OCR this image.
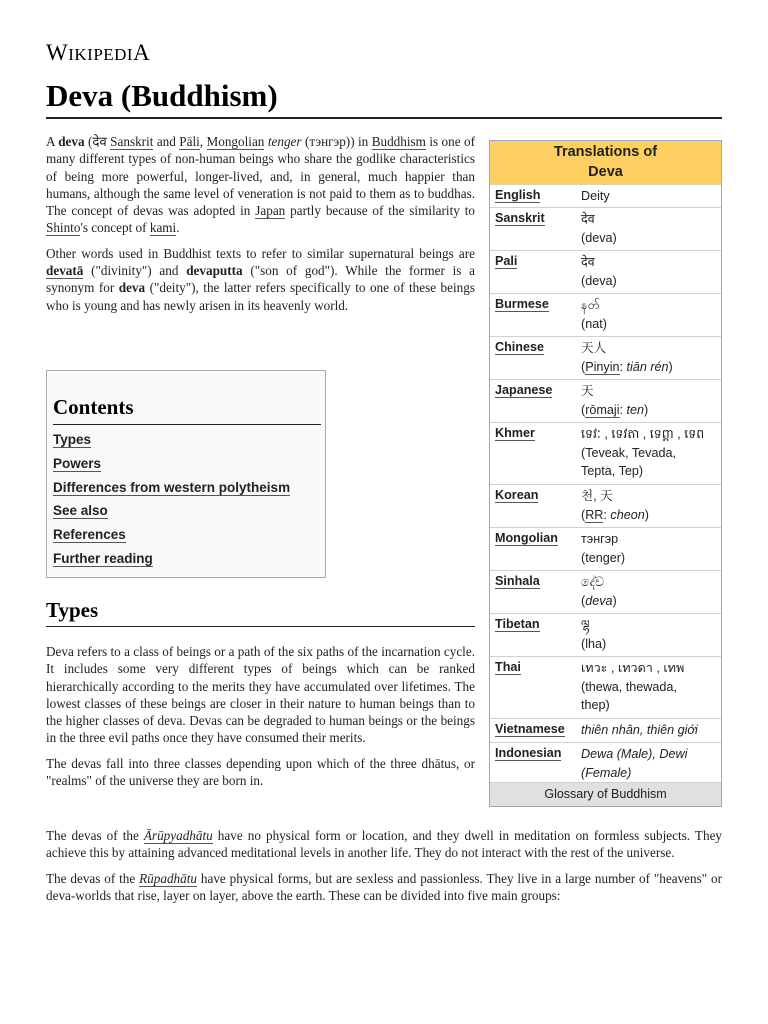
WIKIPEDIA
Deva (Buddhism)

A deva (देव Sanskrit and Pāli, Mongolian tenger (тэнгэр)) in Buddhism is one of many different types of non-human beings who share the godlike characteristics of being more powerful, longer-lived, and, in general, much happier than humans, although the same level of veneration is not paid to them as to buddhas. The concept of devas was adopted in Japan partly because of the similarity to Shinto's concept of kami.

Other words used in Buddhist texts to refer to similar supernatural beings are devatā ("divinity") and devaputta ("son of god"). While the former is a synonym for deva ("deity"), the latter refers specifically to one of these beings who is young and has newly arisen in its heavenly world.

Contents
Types
Powers
Differences from western polytheism
See also
References
Further reading
Types

Deva refers to a class of beings or a path of the six paths of the incarnation cycle. It includes some very different types of beings which can be ranked hierarchically according to the merits they have accumulated over lifetimes. The lowest classes of these beings are closer in their nature to human beings than to the higher classes of deva. Devas can be degraded to human beings or the beings in the three evil paths once they have consumed their merits.

The devas fall into three classes depending upon which of the three dhātus, or "realms" of the universe they are born in.

The devas of the Ārūpyadhātu have no physical form or location, and they dwell in meditation on formless subjects. They achieve this by attaining advanced meditational levels in another life. They do not interact with the rest of the universe.

The devas of the Rūpadhātu have physical forms, but are sexless and passionless. They live in a large number of "heavens" or deva-worlds that rise, layer on layer, above the earth. These can be divided into five main groups:

Translations of
Deva
English	Deity
Sanskrit	देव
(deva)
Pali	देव
(deva)
Burmese	နတ်
(nat)
Chinese	天人
(Pinyin: tiān rén)
Japanese 天
(rōmaji: ten)
Khmer	ទេវៈ , ទេវតា , ទេព្ដា , ទេព
(Teveak, Tevada,
Tepta, Tep)
Korean	천, 天
(RR: cheon)
Mongolian тэнгэр
(tenger)
Sinhala	දේව
(deva)
Tibetan	ལྷ
(lha)
Thai	เทวะ , เทวดา , เทพ
(thewa, thewada,
thep)
Vietnamese thiên nhân, thiên giới
Indonesian Dewa (Male), Dewi
(Female)
Glossary of Buddhism
